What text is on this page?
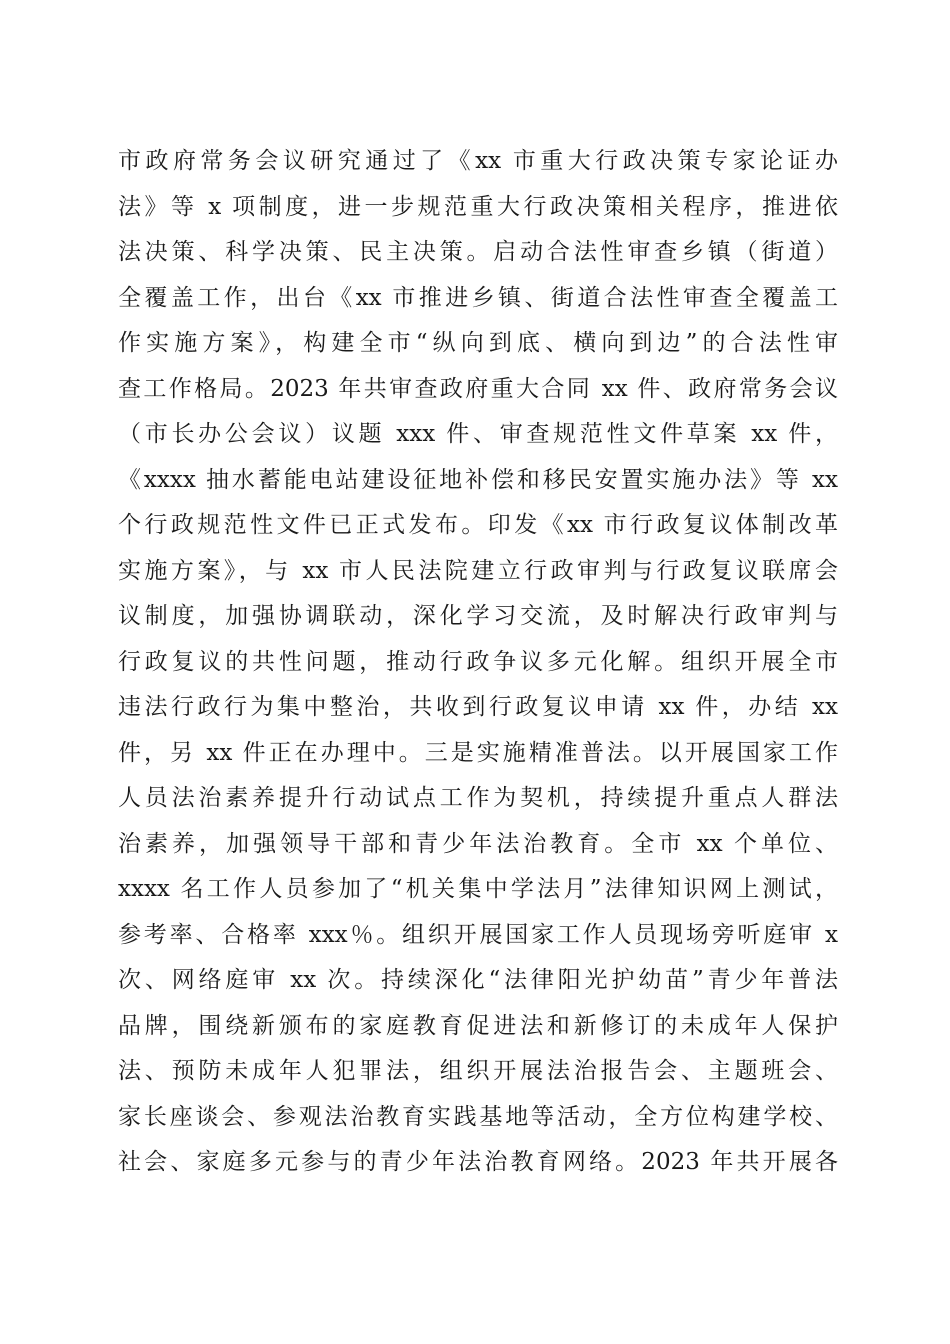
市政府常务会议研究通过了《xx 市重大行政决策专家论证办
法》等 x 项制度，进一步规范重大行政决策相关程序，推进依
法决策、科学决策、民主决策。启动合法性审查乡镇（街道）
全覆盖工作，出台《xx 市推进乡镇、街道合法性审查全覆盖工
作实施方案》，构建全市“纵向到底、横向到边”的合法性审
查工作格局。2023 年共审查政府重大合同 xx 件、政府常务会议
（市长办公会议）议题 xxx 件、审查规范性文件草案 xx 件，
《xxxx 抽水蓄能电站建设征地补偿和移民安置实施办法》等 xx
个行政规范性文件已正式发布。印发《xx 市行政复议体制改革
实施方案》，与 xx 市人民法院建立行政审判与行政复议联席会
议制度，加强协调联动，深化学习交流，及时解决行政审判与
行政复议的共性问题，推动行政争议多元化解。组织开展全市
违法行政行为集中整治，共收到行政复议申请 xx 件，办结 xx
件，另 xx 件正在办理中。三是实施精准普法。以开展国家工作
人员法治素养提升行动试点工作为契机，持续提升重点人群法
治素养，加强领导干部和青少年法治教育。全市 xx 个单位、
xxxx 名工作人员参加了“机关集中学法月”法律知识网上测试，
参考率、合格率 xxx％。组织开展国家工作人员现场旁听庭审 x
次、网络庭审 xx 次。持续深化“法律阳光护幼苗”青少年普法
品牌，围绕新颁布的家庭教育促进法和新修订的未成年人保护
法、预防未成年人犯罪法，组织开展法治报告会、主题班会、
家长座谈会、参观法治教育实践基地等活动，全方位构建学校、
社会、家庭多元参与的青少年法治教育网络。2023 年共开展各
